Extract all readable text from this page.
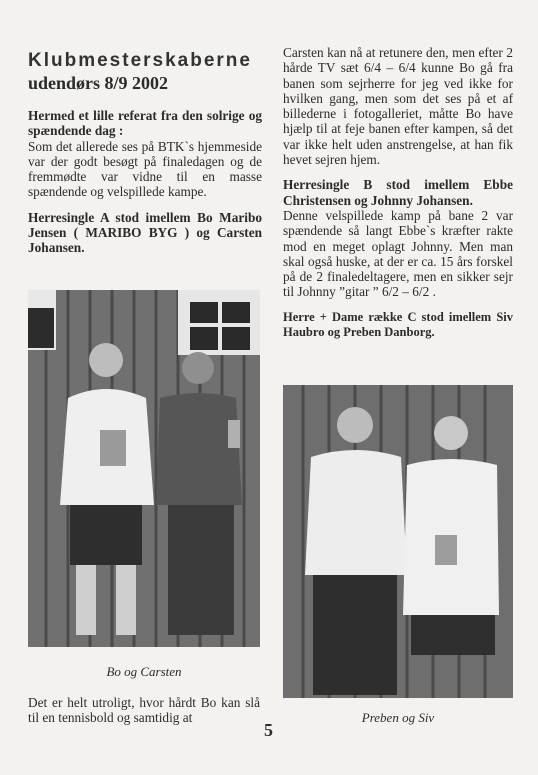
Klubmesterskaberne
udendørs 8/9 2002

Hermed et lille referat fra den solrige og spændende dag :

Som det allerede ses på BTK`s hjemmeside var der godt besøgt på finaledagen og de fremmødte var vidne til en masse spændende og velspillede kampe.

Herresingle A stod imellem Bo Maribo Jensen ( MARIBO BYG ) og Carsten Johansen.

Bo og Carsten

Det er helt utroligt, hvor hårdt Bo kan slå til en tennisbold og samtidig at

5

Carsten kan nå at retunere den, men efter 2 hårde TV sæt 6/4 – 6/4 kunne Bo gå fra banen som sejrherre for jeg ved ikke for hvilken gang, men som det ses på et af billederne i fotogalleriet, måtte Bo have hjælp til at feje banen efter kampen, så det var ikke helt uden anstrengelse, at han fik hevet sejren hjem.

Herresingle B stod imellem Ebbe Christensen og Johnny Johansen.

Denne velspillede kamp på bane 2 var spændende så langt Ebbe`s kræfter rakte mod en meget oplagt Johnny. Men man skal også huske, at der er ca. 15 års forskel på de 2 finaledeltagere, men en sikker sejr til Johnny ”gitar ” 6/2 – 6/2 .

Herre + Dame række C stod imellem Siv Haubro og Preben Danborg.

Preben og Siv
